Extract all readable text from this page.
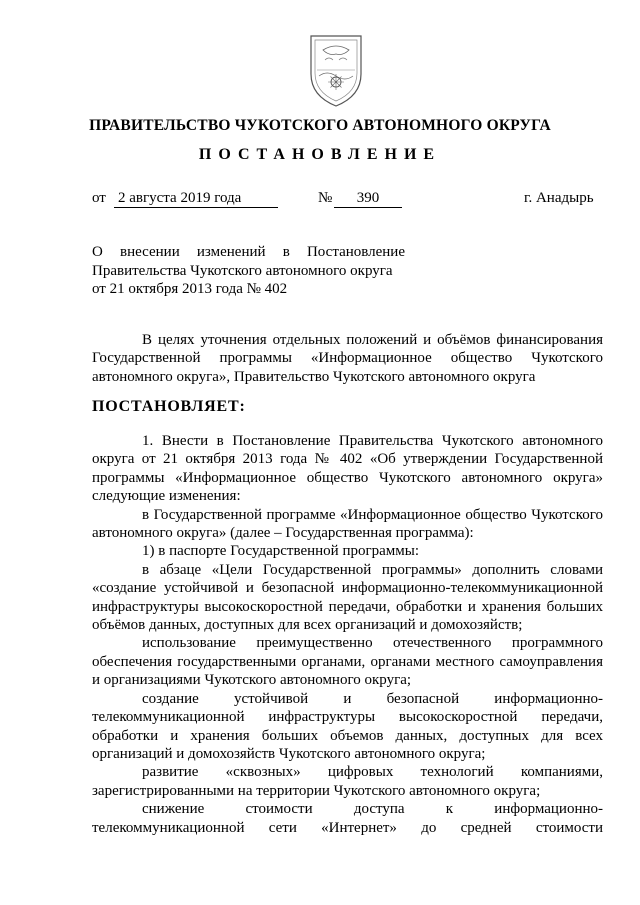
ПРАВИТЕЛЬСТВО ЧУКОТСКОГО АВТОНОМНОГО ОКРУГА
ПОСТАНОВЛЕНИЕ
от 2 августа 2019 года	№	390	г. Анадырь
О внесении изменений в Постановление
Правительства Чукотского автономного округа
от 21 октября 2013 года № 402
В целях уточнения отдельных положений и объёмов финансирования
Государственной программы «Информационное общество Чукотского
автономного округа», Правительство Чукотского автономного округа
ПОСТАНОВЛЯЕТ:
1. Внести в Постановление Правительства Чукотского автономного
округа от 21 октября 2013 года № 402 «Об утверждении Государственной
программы «Информационное общество Чукотского автономного округа»
следующие изменения:
в Государственной программе «Информационное общество Чукотского
автономного округа» (далее – Государственная программа):
1) в паспорте Государственной программы:
в абзаце «Цели Государственной программы» дополнить словами
«создание устойчивой и безопасной информационно-телекоммуникационной
инфраструктуры высокоскоростной передачи, обработки и хранения больших
объёмов данных, доступных для всех организаций и домохозяйств;
использование преимущественно отечественного программного
обеспечения государственными органами, органами местного самоуправления
и организациями Чукотского автономного округа;
создание устойчивой и безопасной информационно-
телекоммуникационной инфраструктуры высокоскоростной передачи,
обработки и хранения больших объемов данных, доступных для всех
организаций и домохозяйств Чукотского автономного округа;
развитие «сквозных» цифровых технологий компаниями,
зарегистрированными на территории Чукотского автономного округа;
снижение стоимости доступа к информационно-
телекоммуникационной сети «Интернет» до средней стоимости
